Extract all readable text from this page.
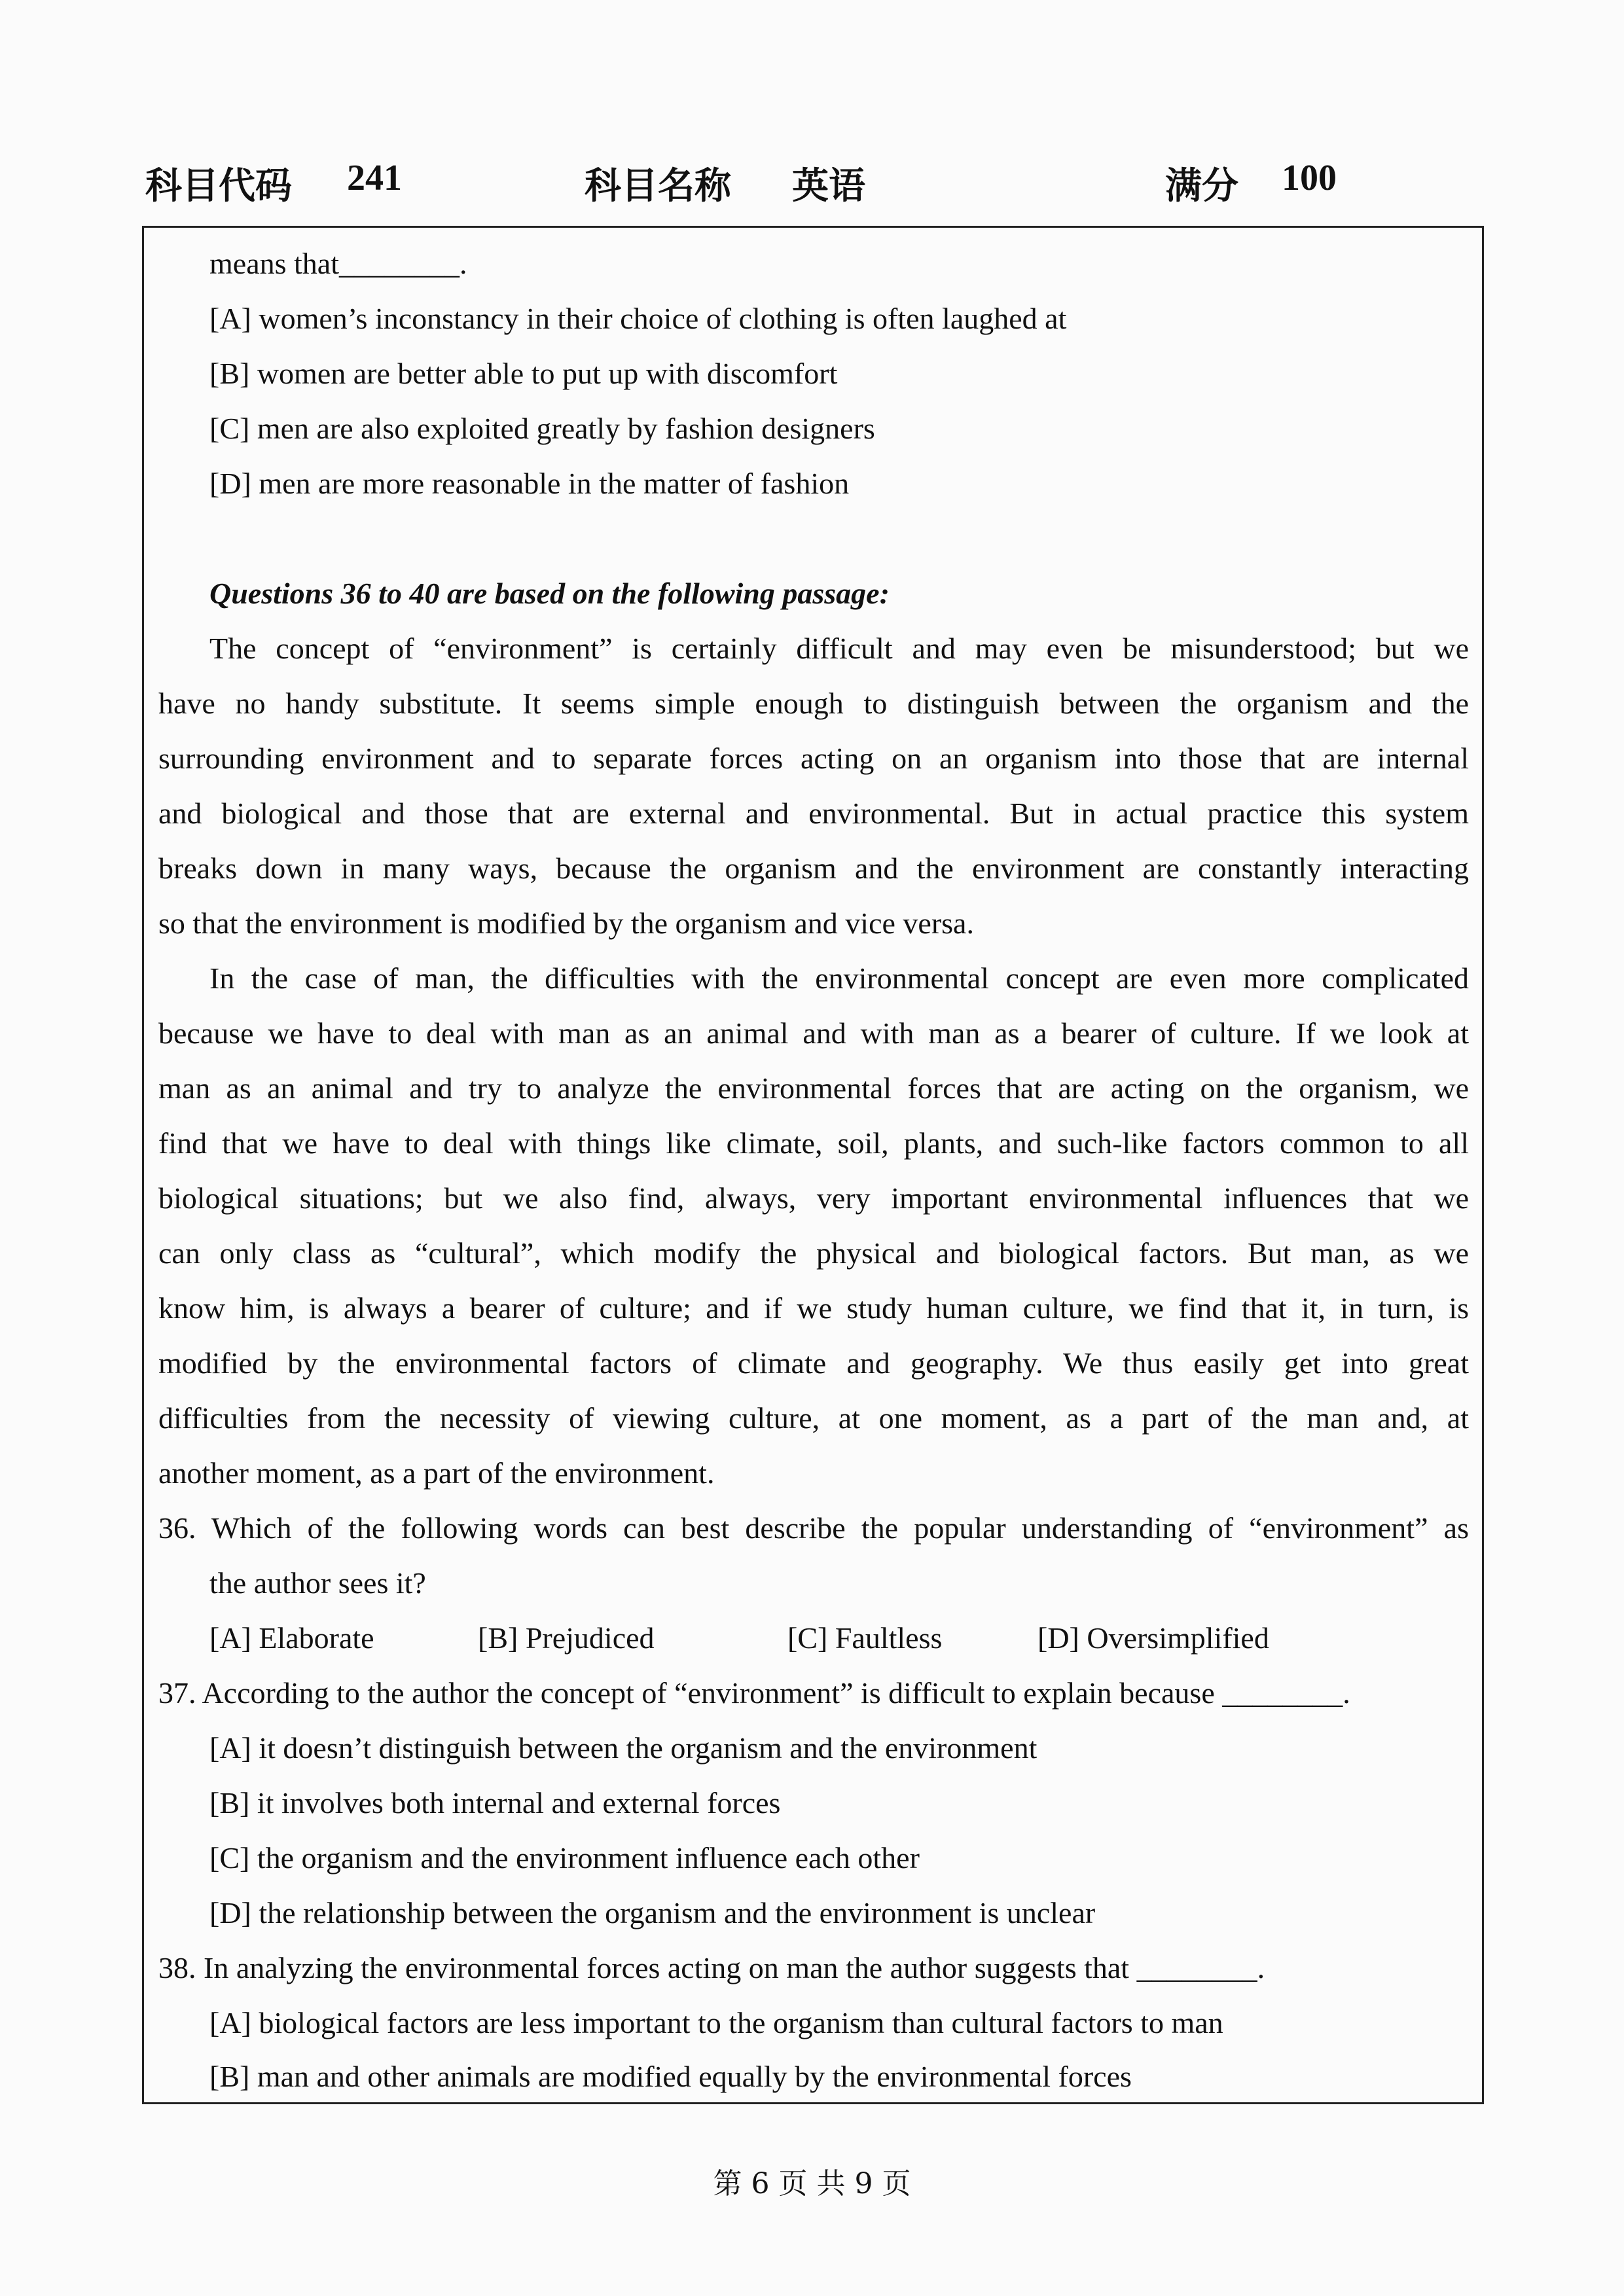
科目代码 241	科目名称 英语	满分 100
means that________.
[A] women’s inconstancy in their choice of clothing is often laughed at
[B] women are better able to put up with discomfort
[C] men are also exploited greatly by fashion designers
[D] men are more reasonable in the matter of fashion
Questions 36 to 40 are based on the following passage:
The concept of “environment” is certainly difficult and may even be misunderstood; but we
have no handy substitute. It seems simple enough to distinguish between the organism and the
surrounding environment and to separate forces acting on an organism into those that are internal
and biological and those that are external and environmental. But in actual practice this system
breaks down in many ways, because the organism and the environment are constantly interacting
so that the environment is modified by the organism and vice versa.
In the case of man, the difficulties with the environmental concept are even more complicated
because we have to deal with man as an animal and with man as a bearer of culture. If we look at
man as an animal and try to analyze the environmental forces that are acting on the organism, we
find that we have to deal with things like climate, soil, plants, and such-like factors common to all
biological situations; but we also find, always, very important environmental influences that we
can only class as “cultural”, which modify the physical and biological factors. But man, as we
know him, is always a bearer of culture; and if we study human culture, we find that it, in turn, is
modified by the environmental factors of climate and geography. We thus easily get into great
difficulties from the necessity of viewing culture, at one moment, as a part of the man and, at
another moment, as a part of the environment.
36. Which of the following words can best describe the popular understanding of “environment” as
the author sees it?
[A] Elaborate	[B] Prejudiced	[C] Faultless	[D] Oversimplified
37. According to the author the concept of “environment” is difficult to explain because ________.
[A] it doesn’t distinguish between the organism and the environment
[B] it involves both internal and external forces
[C] the organism and the environment influence each other
[D] the relationship between the organism and the environment is unclear
38. In analyzing the environmental forces acting on man the author suggests that ________.
[A] biological factors are less important to the organism than cultural factors to man
[B] man and other animals are modified equally by the environmental forces
第 6 页 共 9 页
